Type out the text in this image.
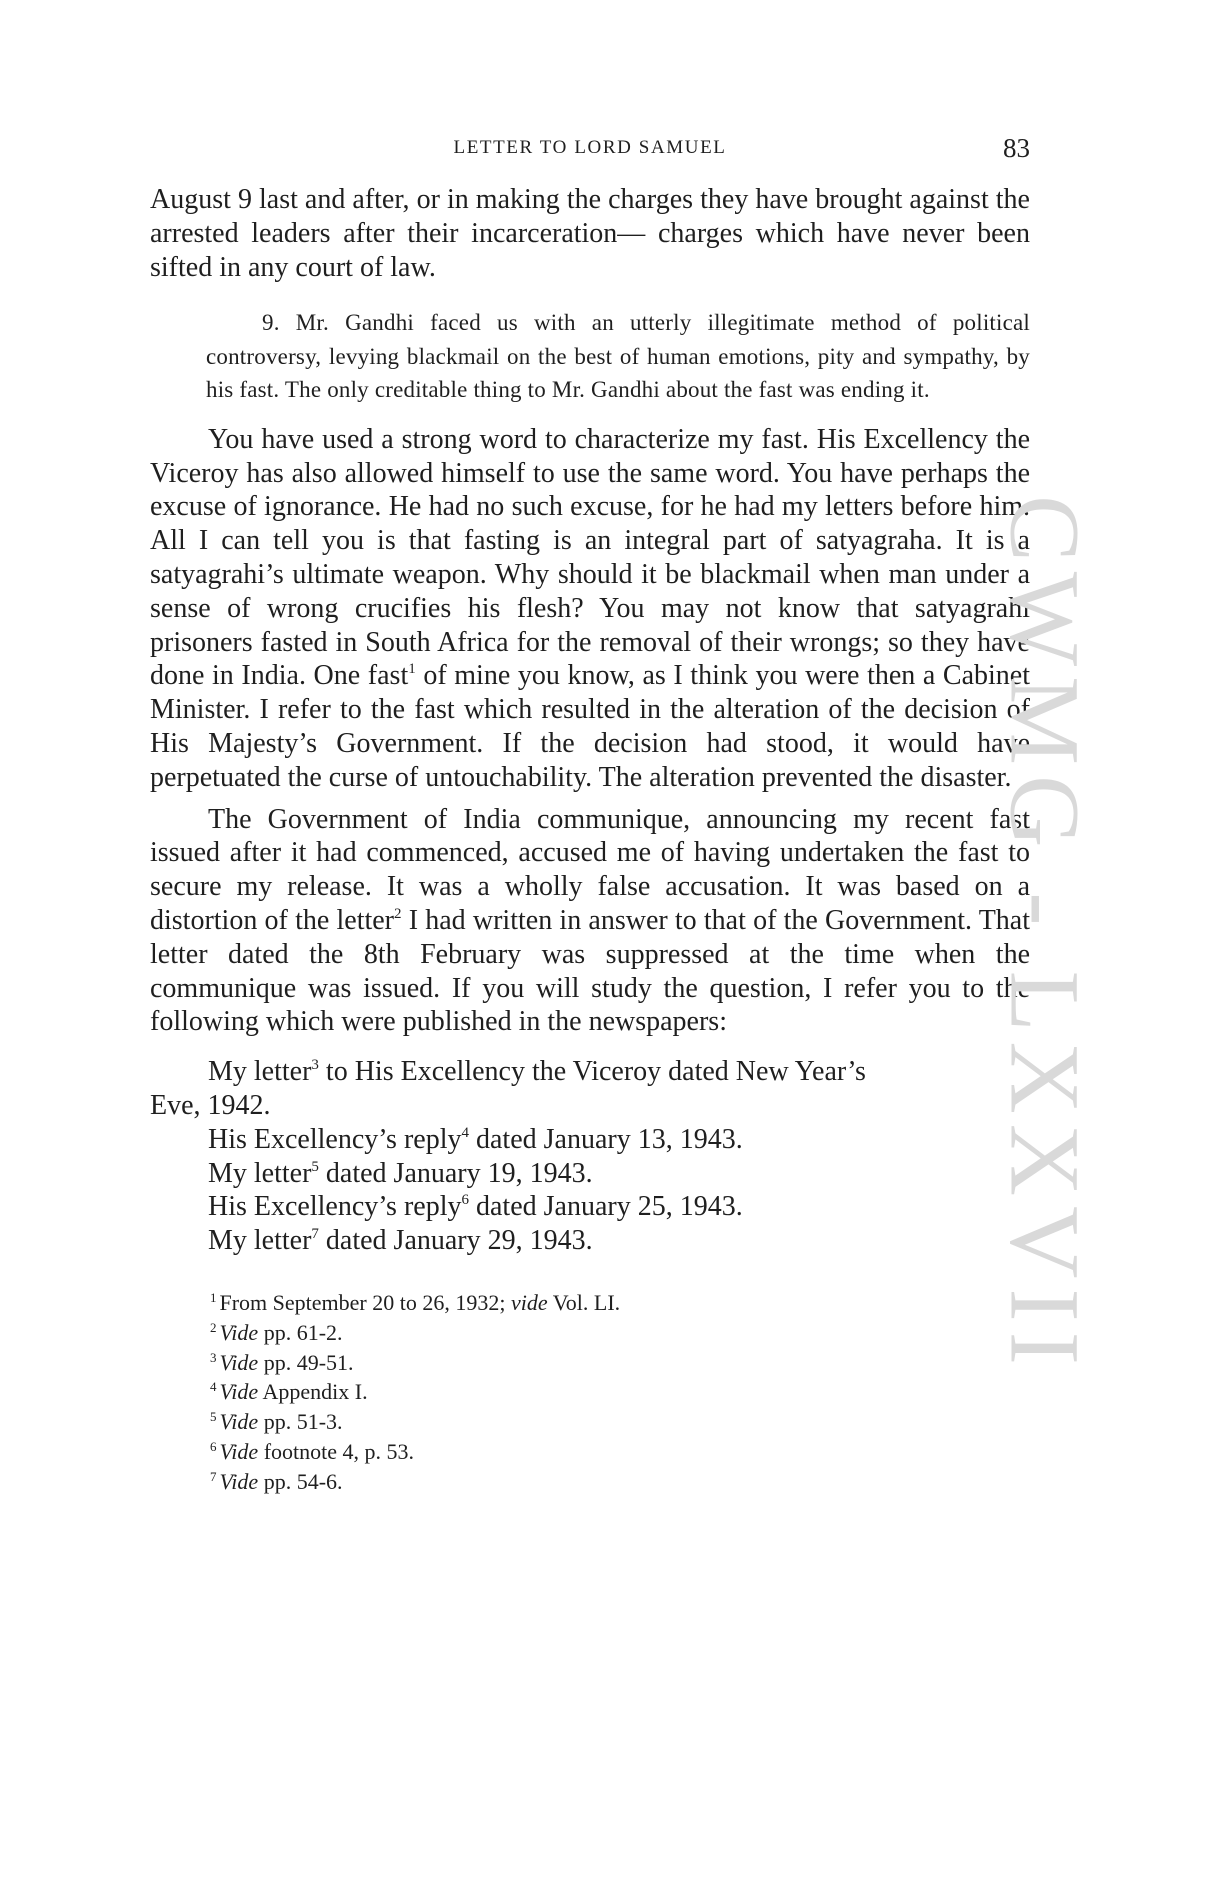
LETTER TO LORD SAMUEL	83

August 9 last and after, or in making the charges they have brought against the arrested leaders after their incarceration— charges which have never been sifted in any court of law.

9. Mr. Gandhi faced us with an utterly illegitimate method of political controversy, levying blackmail on the best of human emotions, pity and sympathy, by his fast. The only creditable thing to Mr. Gandhi about the fast was ending it.

You have used a strong word to characterize my fast. His Excellency the Viceroy has also allowed himself to use the same word. You have perhaps the excuse of ignorance. He had no such excuse, for he had my letters before him. All I can tell you is that fasting is an integral part of satyagraha. It is a satyagrahi’s ultimate weapon. Why should it be blackmail when man under a sense of wrong crucifies his flesh? You may not know that satyagrahi prisoners fasted in South Africa for the removal of their wrongs; so they have done in India. One fast$^1$ of mine you know, as I think you were then a Cabinet Minister. I refer to the fast which resulted in the alteration of the decision of His Majesty’s Government. If the decision had stood, it would have perpetuated the curse of untouchability. The alteration prevented the disaster.

The Government of India communique, announcing my recent fast issued after it had commenced, accused me of having undertaken the fast to secure my release. It was a wholly false accusation. It was based on a distortion of the letter$^2$ I had written in answer to that of the Government. That letter dated the 8th February was suppressed at the time when the communique was issued. If you will study the question, I refer you to the following which were published in the newspapers:

My letter$^3$ to His Excellency the Viceroy dated New Year’s
Eve, 1942.
His Excellency’s reply$^4$ dated January 13, 1943.
My letter$^5$ dated January 19, 1943.
His Excellency’s reply$^6$ dated January 25, 1943.
My letter$^7$ dated January 29, 1943.
$^1$ From September 20 to 26, 1932; vide Vol. LI.
$^2$ Vide pp. 61-2.
$^3$ Vide pp. 49-51.
$^4$ Vide Appendix I.
$^5$ Vide pp. 51-3.
$^6$ Vide footnote 4, p. 53.
$^7$ Vide pp. 54-6.
CWMG - LXXVII
